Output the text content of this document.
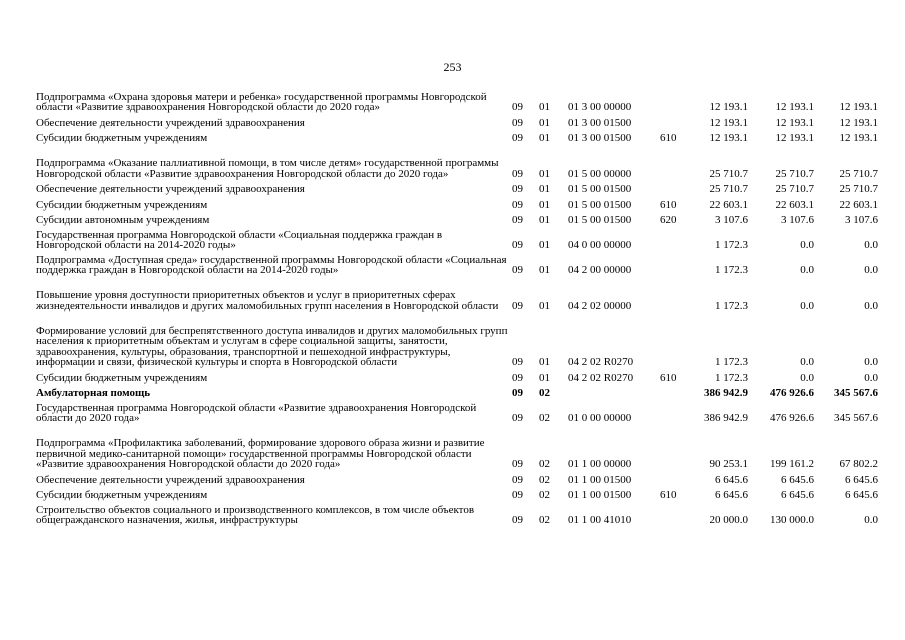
253
Подпрограмма «Охрана здоровья матери и ребенка» государственной программы Новгородской области «Развитие здравоохранения Новгородской области до 2020 года»	09	01	01 3 00 00000		12 193.1	12 193.1	12 193.1
Обеспечение деятельности учреждений здравоохранения	09	01	01 3 00 01500		12 193.1	12 193.1	12 193.1
Субсидии бюджетным учреждениям	09	01	01 3 00 01500	610	12 193.1	12 193.1	12 193.1
Подпрограмма «Оказание паллиативной помощи, в том числе детям» государственной программы Новгородской области «Развитие здравоохранения Новгородской области до 2020 года»	09	01	01 5 00 00000		25 710.7	25 710.7	25 710.7
Обеспечение деятельности учреждений здравоохранения	09	01	01 5 00 01500		25 710.7	25 710.7	25 710.7
Субсидии бюджетным учреждениям	09	01	01 5 00 01500	610	22 603.1	22 603.1	22 603.1
Субсидии автономным учреждениям	09	01	01 5 00 01500	620	3 107.6	3 107.6	3 107.6
Государственная программа Новгородской области «Социальная поддержка граждан в Новгородской области на 2014-2020 годы»	09	01	04 0 00 00000		1 172.3	0.0	0.0
Подпрограмма «Доступная среда» государственной программы Новгородской области «Социальная поддержка граждан в Новгородской области на 2014-2020 годы»	09	01	04 2 00 00000		1 172.3	0.0	0.0
Повышение уровня доступности приоритетных объектов и услуг в приоритетных сферах жизнедеятельности инвалидов и других маломобильных групп населения в Новгородской области	09	01	04 2 02 00000		1 172.3	0.0	0.0
Формирование условий для беспрепятственного доступа инвалидов и других маломобильных групп населения к приоритетным объектам и услугам в сфере социальной защиты, занятости, здравоохранения, культуры, образования, транспортной и пешеходной инфраструктуры, информации и связи, физической культуры и спорта в Новгородской области	09	01	04 2 02 R0270		1 172.3	0.0	0.0
Субсидии бюджетным учреждениям	09	01	04 2 02 R0270	610	1 172.3	0.0	0.0
Амбулаторная помощь	09	02			386 942.9	476 926.6	345 567.6
Государственная программа Новгородской области «Развитие здравоохранения Новгородской области до 2020 года»	09	02	01 0 00 00000		386 942.9	476 926.6	345 567.6
Подпрограмма «Профилактика заболеваний, формирование здорового образа жизни и развитие первичной медико-санитарной помощи» государственной программы Новгородской области «Развитие здравоохранения Новгородской области до 2020 года»	09	02	01 1 00 00000		90 253.1	199 161.2	67 802.2
Обеспечение деятельности учреждений здравоохранения	09	02	01 1 00 01500		6 645.6	6 645.6	6 645.6
Субсидии бюджетным учреждениям	09	02	01 1 00 01500	610	6 645.6	6 645.6	6 645.6
Строительство объектов социального и производственного комплексов, в том числе объектов общегражданского назначения, жилья, инфраструктуры	09	02	01 1 00 41010		20 000.0	130 000.0	0.0
